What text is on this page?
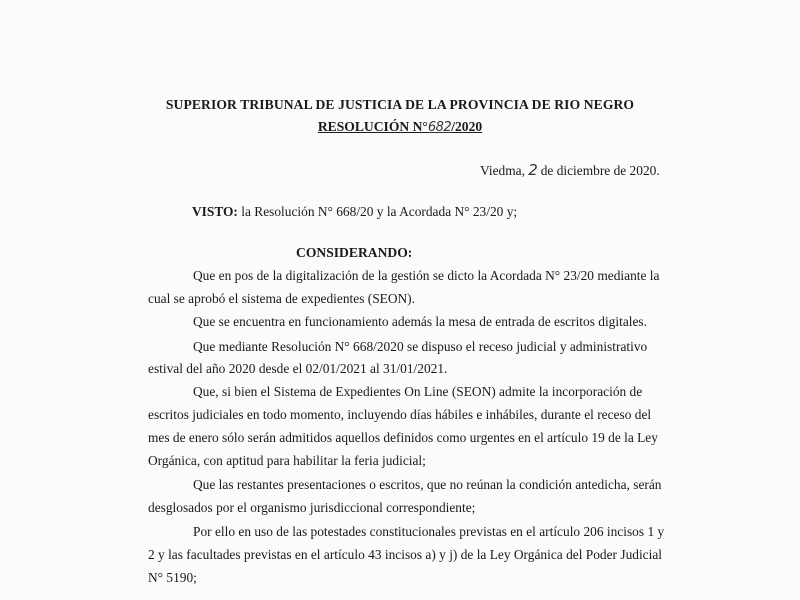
SUPERIOR TRIBUNAL DE JUSTICIA DE LA PROVINCIA DE RIO NEGRO
RESOLUCIÓN N°682/2020
Viedma, 2 de diciembre de 2020.
VISTO: la Resolución N° 668/20 y la Acordada N° 23/20 y;
CONSIDERANDO:
Que en pos de la digitalización de la gestión se dicto la Acordada N° 23/20 mediante la
cual se aprobó el sistema de expedientes (SEON).
Que se encuentra en funcionamiento además la mesa de entrada de escritos digitales.
Que mediante Resolución N° 668/2020 se dispuso el receso judicial y administrativo
estival del año 2020 desde el 02/01/2021 al 31/01/2021.
Que, si bien el Sistema de Expedientes On Line (SEON) admite la incorporación de
escritos judiciales en todo momento, incluyendo días hábiles e inhábiles, durante el receso del
mes de enero sólo serán admitidos aquellos definidos como urgentes en el artículo 19 de la Ley
Orgánica, con aptitud para habilitar la feria judicial;
Que las restantes presentaciones o escritos, que no reúnan la condición antedicha, serán
desglosados por el organismo jurisdiccional correspondiente;
Por ello en uso de las potestades constitucionales previstas en el artículo 206 incisos 1 y
2 y las facultades previstas en el artículo 43 incisos a) y j) de la Ley Orgánica del Poder Judicial
N° 5190;
